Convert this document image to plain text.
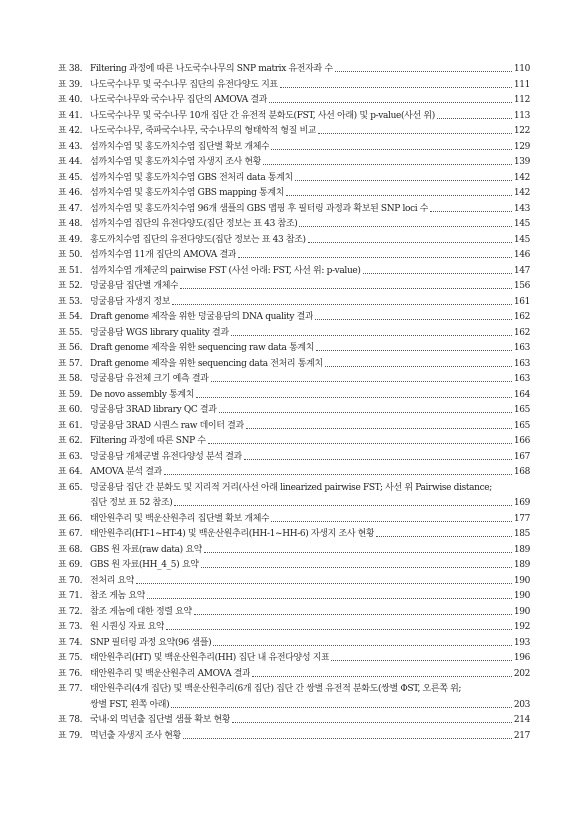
표 38. Filtering 과정에 따른 나도국수나무의 SNP matrix 유전자좌 수	110
표 39. 나도국수나무 및 국수나무 집단의 유전다양도 지표	111
표 40. 나도국수나무와 국수나무 집단의 AMOVA 결과	112
표 41. 나도국수나무 및 국수나무 10개 집단 간 유전적 분화도(FST, 사선 아래) 및 p-value(사선 위)	113
표 42. 나도국수나무, 죽파국수나무, 국수나무의 형태학적 형질 비교	122
표 43. 섬까치수염 및 홍도까치수염 집단별 확보 개체수	129
표 44. 섬까치수염 및 홍도까치수염 자생지 조사 현황	139
표 45. 섬까치수염 및 홍도까치수염 GBS 전처리 data 통계치	142
표 46. 섬까치수염 및 홍도까치수염 GBS mapping 통계치	142
표 47. 섬까치수염 및 홍도까치수염 96개 샘플의 GBS 맵핑 후 필터링 과정과 확보된 SNP loci 수	143
표 48. 섬까치수염 집단의 유전다양도(집단 정보는 표 43 참조)	145
표 49. 홍도까치수염 집단의 유전다양도(집단 정보는 표 43 참조)	145
표 50. 섬까치수염 11개 집단의 AMOVA 결과	146
표 51. 섬까치수염 개체군의 pairwise FST (사선 아래: FST, 사선 위: p-value)	147
표 52. 덩굴용담 집단별 개체수	156
표 53. 덩굴용담 자생지 정보	161
표 54. Draft genome 제작을 위한 덩굴용담의 DNA quality 결과	162
표 55. 덩굴용담 WGS library quality 결과	162
표 56. Draft genome 제작을 위한 sequencing raw data 통계치	163
표 57. Draft genome 제작을 위한 sequencing data 전처리 통계치	163
표 58. 덩굴용담 유전체 크기 예측 결과	163
표 59. De novo assembly 통계치	164
표 60. 덩굴용담 3RAD library QC 결과	165
표 61. 덩굴용담 3RAD 시퀀스 raw 데이터 결과	165
표 62. Filtering 과정에 따른 SNP 수	166
표 63. 덩굴용담 개체군별 유전다양성 분석 결과	167
표 64. AMOVA 분석 결과	168
표 65. 덩굴용담 집단 간 분화도 및 지리적 거리(사선 아래 linearized pairwise FST; 사선 위 Pairwise distance;
집단 정보 표 52 참조)	169
표 66. 태안원추리 및 백운산원추리 집단별 확보 개체수	177
표 67. 태안원추리(HT-1~HT-4) 및 백운산원추리(HH-1~HH-6) 자생지 조사 현황	185
표 68. GBS 원 자료(raw data) 요약	189
표 69. GBS 원 자료(HH_4_5) 요약	189
표 70. 전처리 요약	190
표 71. 참조 게놈 요약	190
표 72. 참조 게놈에 대한 정렬 요약	190
표 73. 원 시퀀싱 자료 요약	192
표 74. SNP 필터링 과정 요약(96 샘플)	193
표 75. 태안원추리(HT) 및 백운산원추리(HH) 집단 내 유전다양성 지표	196
표 76. 태안원추리 및 백운산원추리 AMOVA 결과	202
표 77. 태안원추리(4개 집단) 및 백운산원추리(6개 집단) 집단 간 쌍별 유전적 분화도(쌍별 ΦST, 오른쪽 위;
쌍별 FST, 왼쪽 아래)	203
표 78. 국내·외 먹넌출 집단별 샘플 확보 현황	214
표 79. 먹넌출 자생지 조사 현황	217
